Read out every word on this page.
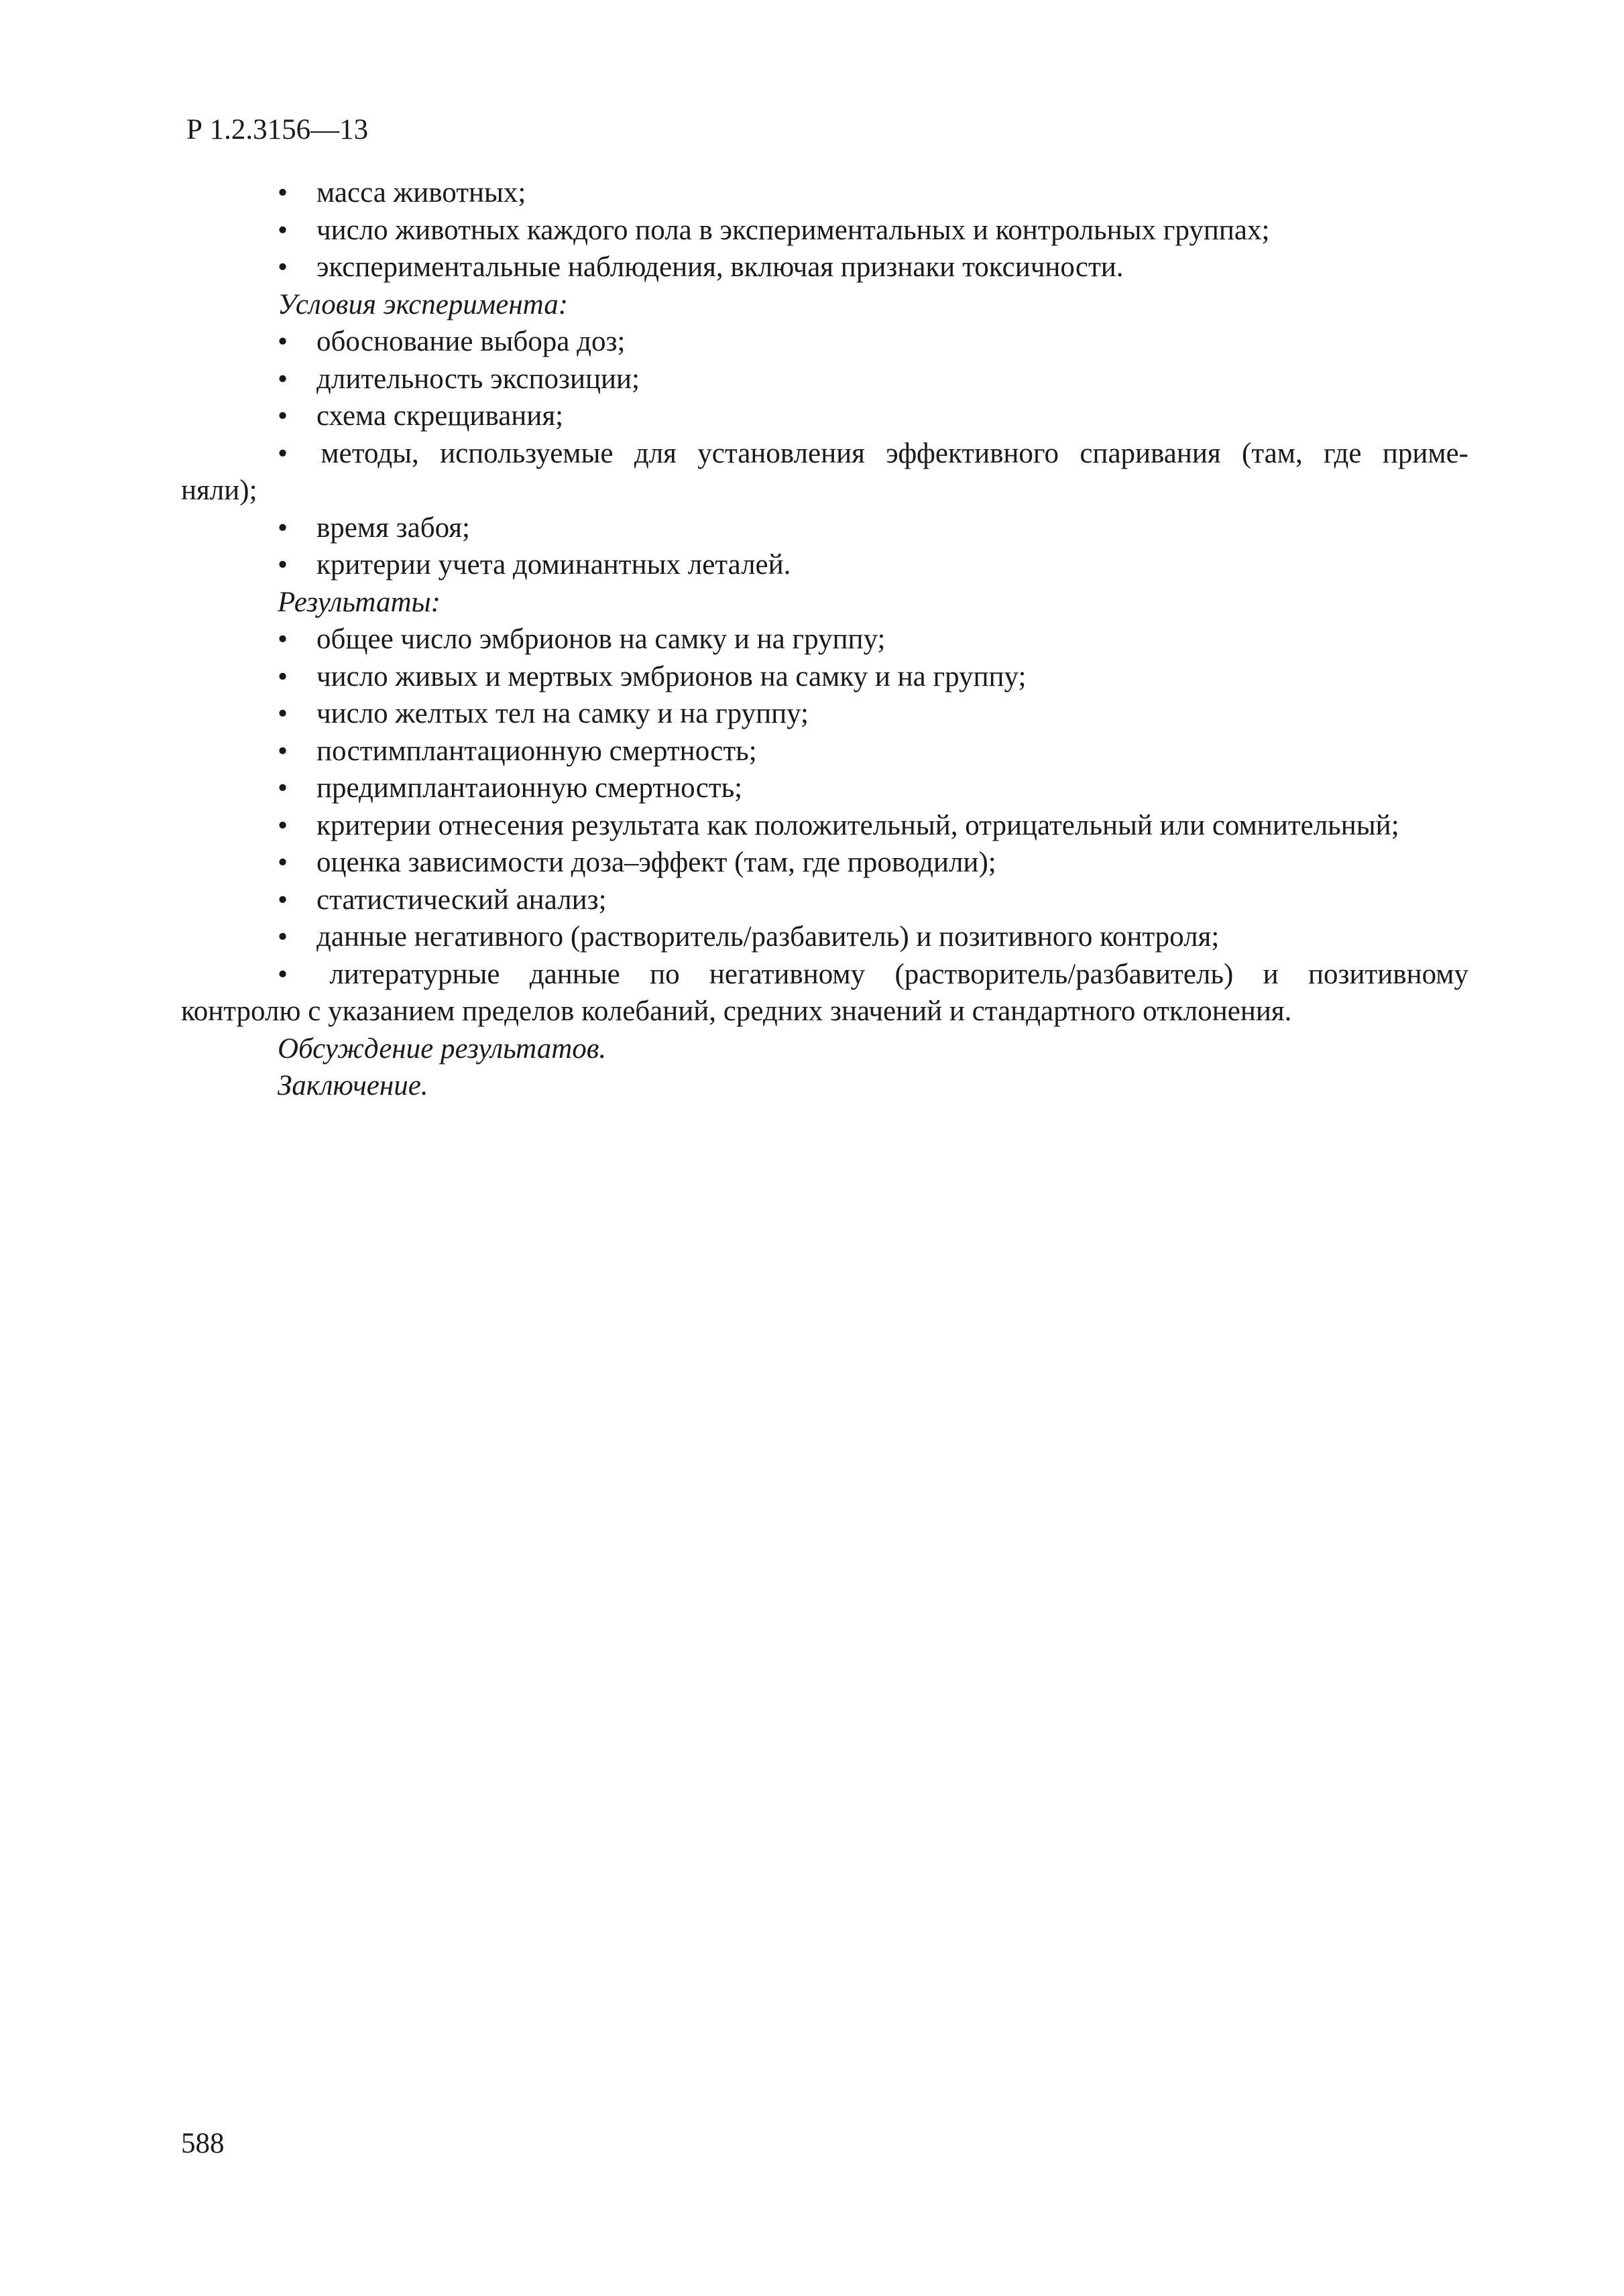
Р 1.2.3156—13
• масса животных;
• число животных каждого пола в экспериментальных и контрольных группах;
• экспериментальные наблюдения, включая признаки токсичности.
Условия эксперимента:
• обоснование выбора доз;
• длительность экспозиции;
• схема скрещивания;
• методы, используемые для установления эффективного спаривания (там, где приме-
няли);
• время забоя;
• критерии учета доминантных леталей.
Результаты:
• общее число эмбрионов на самку и на группу;
• число живых и мертвых эмбрионов на самку и на группу;
• число желтых тел на самку и на группу;
• постимплантационную смертность;
• предимплантаионную смертность;
• критерии отнесения результата как положительный, отрицательный или сомнительный;
• оценка зависимости доза–эффект (там, где проводили);
• статистический анализ;
• данные негативного (растворитель/разбавитель) и позитивного контроля;
• литературные данные по негативному (растворитель/разбавитель) и позитивному
контролю с указанием пределов колебаний, средних значений и стандартного отклонения.
Обсуждение результатов.
Заключение.
588
